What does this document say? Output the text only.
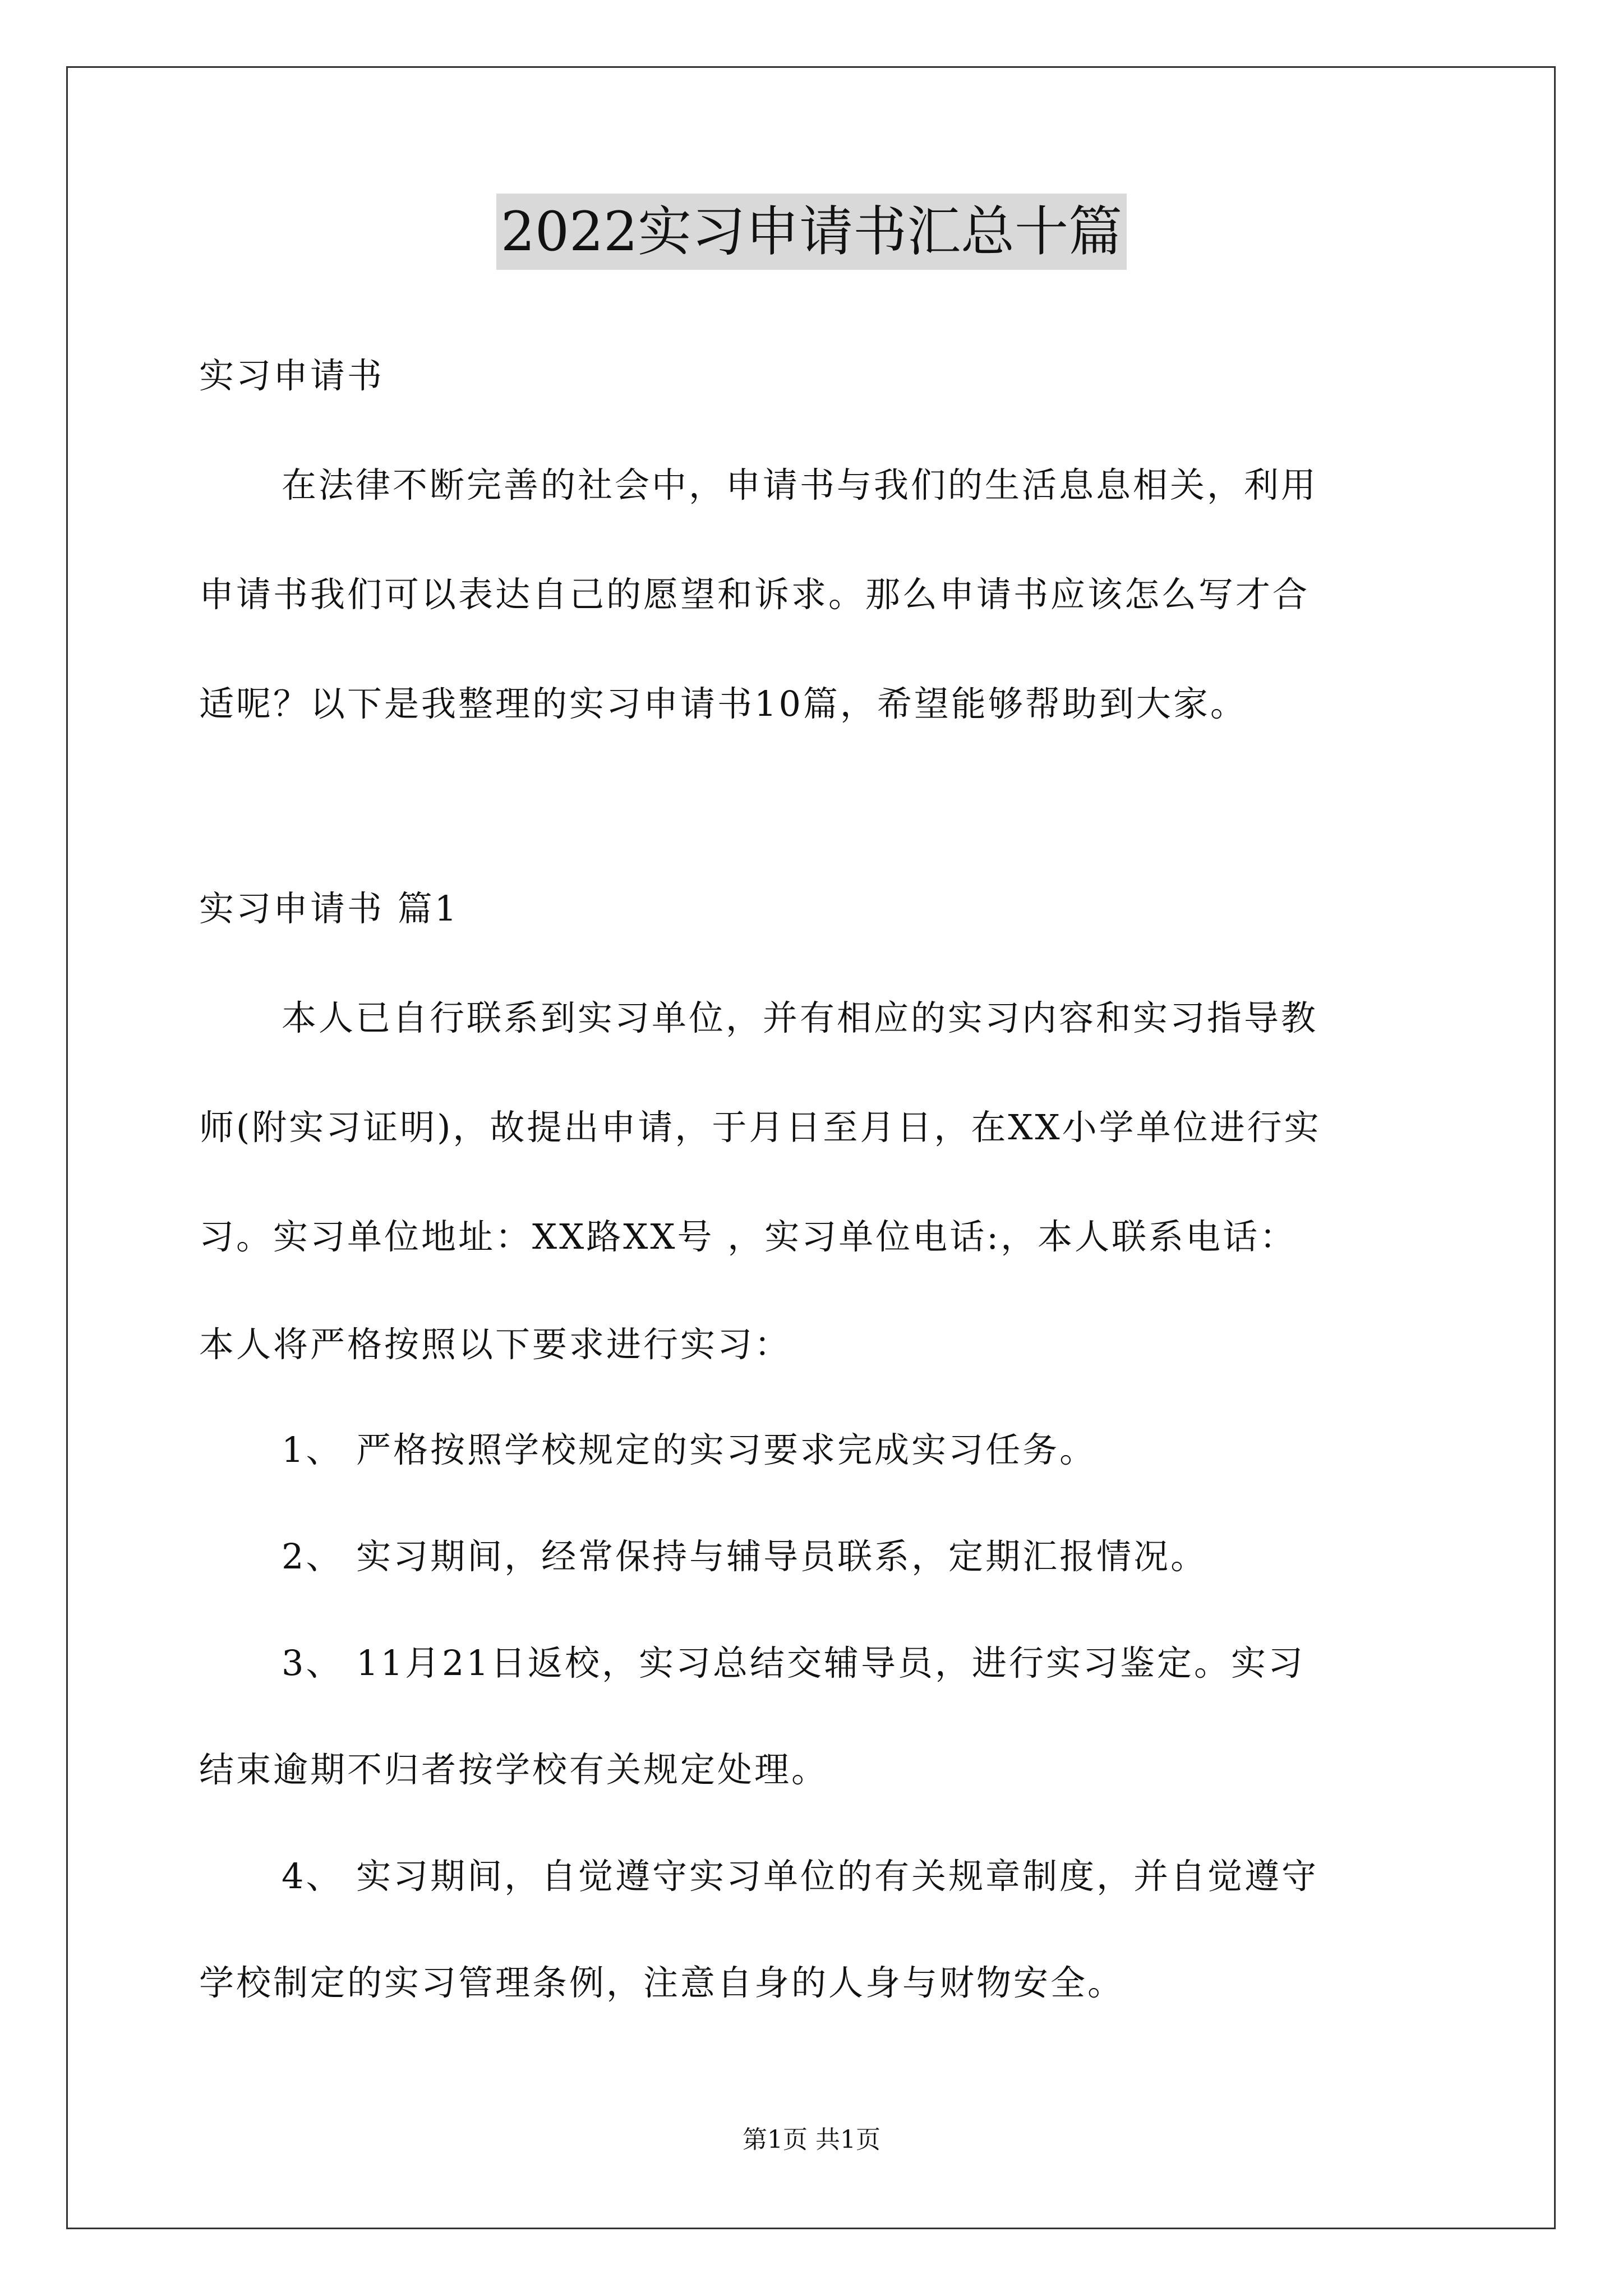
2022实习申请书汇总十篇
实习申请书
在法律不断完善的社会中，申请书与我们的生活息息相关，利用
申请书我们可以表达自己的愿望和诉求。那么申请书应该怎么写才合
适呢？以下是我整理的实习申请书10篇，希望能够帮助到大家。
实习申请书 篇1
本人已自行联系到实习单位，并有相应的实习内容和实习指导教
师(附实习证明)，故提出申请，于月日至月日，在XX小学单位进行实
习。实习单位地址：XX路XX号 ，实习单位电话:，本人联系电话：
本人将严格按照以下要求进行实习：
1、 严格按照学校规定的实习要求完成实习任务。
2、 实习期间，经常保持与辅导员联系，定期汇报情况。
3、 11月21日返校，实习总结交辅导员，进行实习鉴定。实习
结束逾期不归者按学校有关规定处理。
4、 实习期间，自觉遵守实习单位的有关规章制度，并自觉遵守
学校制定的实习管理条例，注意自身的人身与财物安全。
第1页 共1页
